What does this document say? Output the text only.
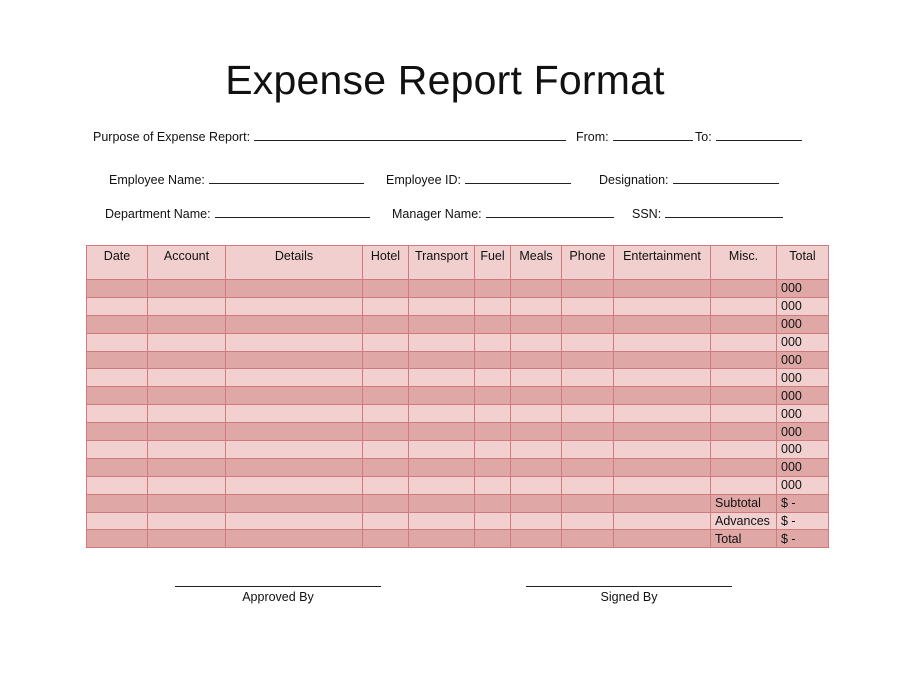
Expense Report Format
Purpose of Expense Report:	From:	To:
Employee Name:	Employee ID:	Designation:
Department Name:	Manager Name:	SSN:
Date	Account	Details	Hotel	Transport	Fuel	Meals	Phone	Entertainment	Misc.	Total
										000
										000
										000
										000
										000
										000
										000
										000
										000
										000
										000
										000
									Subtotal	$ -
									Advances	$ -
									Total	$ -
Approved By	Signed By
